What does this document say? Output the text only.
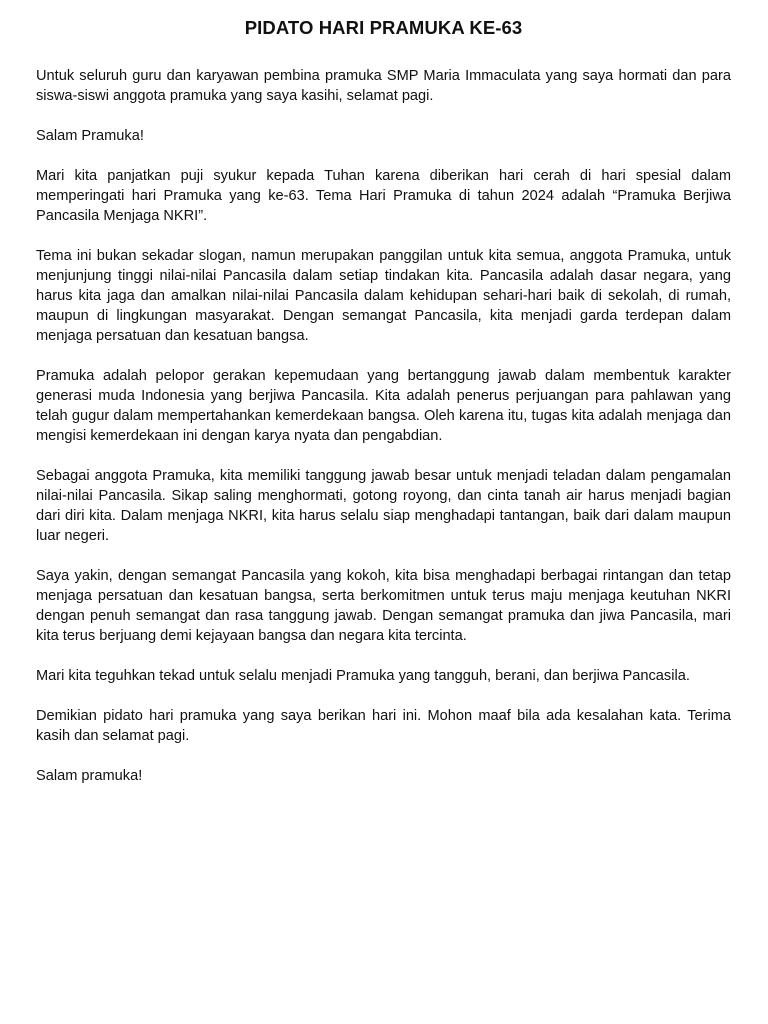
PIDATO HARI PRAMUKA KE-63

Untuk seluruh guru dan karyawan pembina pramuka SMP Maria Immaculata yang saya hormati dan para siswa-siswi anggota pramuka yang saya kasihi, selamat pagi.

Salam Pramuka!

Mari kita panjatkan puji syukur kepada Tuhan karena diberikan hari cerah di hari spesial dalam memperingati hari Pramuka yang ke-63. Tema Hari Pramuka di tahun 2024 adalah “Pramuka Berjiwa Pancasila Menjaga NKRI”.

Tema ini bukan sekadar slogan, namun merupakan panggilan untuk kita semua, anggota Pramuka, untuk menjunjung tinggi nilai-nilai Pancasila dalam setiap tindakan kita. Pancasila adalah dasar negara, yang harus kita jaga dan amalkan nilai-nilai Pancasila dalam kehidupan sehari-hari baik di sekolah, di rumah, maupun di lingkungan masyarakat. Dengan semangat Pancasila, kita menjadi garda terdepan dalam menjaga persatuan dan kesatuan bangsa.

Pramuka adalah pelopor gerakan kepemudaan yang bertanggung jawab dalam membentuk karakter generasi muda Indonesia yang berjiwa Pancasila. Kita adalah penerus perjuangan para pahlawan yang telah gugur dalam mempertahankan kemerdekaan bangsa. Oleh karena itu, tugas kita adalah menjaga dan mengisi kemerdekaan ini dengan karya nyata dan pengabdian.

Sebagai anggota Pramuka, kita memiliki tanggung jawab besar untuk menjadi teladan dalam pengamalan nilai-nilai Pancasila. Sikap saling menghormati, gotong royong, dan cinta tanah air harus menjadi bagian dari diri kita. Dalam menjaga NKRI, kita harus selalu siap menghadapi tantangan, baik dari dalam maupun luar negeri.

Saya yakin, dengan semangat Pancasila yang kokoh, kita bisa menghadapi berbagai rintangan dan tetap menjaga persatuan dan kesatuan bangsa, serta berkomitmen untuk terus maju menjaga keutuhan NKRI dengan penuh semangat dan rasa tanggung jawab. Dengan semangat pramuka dan jiwa Pancasila, mari kita terus berjuang demi kejayaan bangsa dan negara kita tercinta.

Mari kita teguhkan tekad untuk selalu menjadi Pramuka yang tangguh, berani, dan berjiwa Pancasila.

Demikian pidato hari pramuka yang saya berikan hari ini. Mohon maaf bila ada kesalahan kata. Terima kasih dan selamat pagi.

Salam pramuka!
